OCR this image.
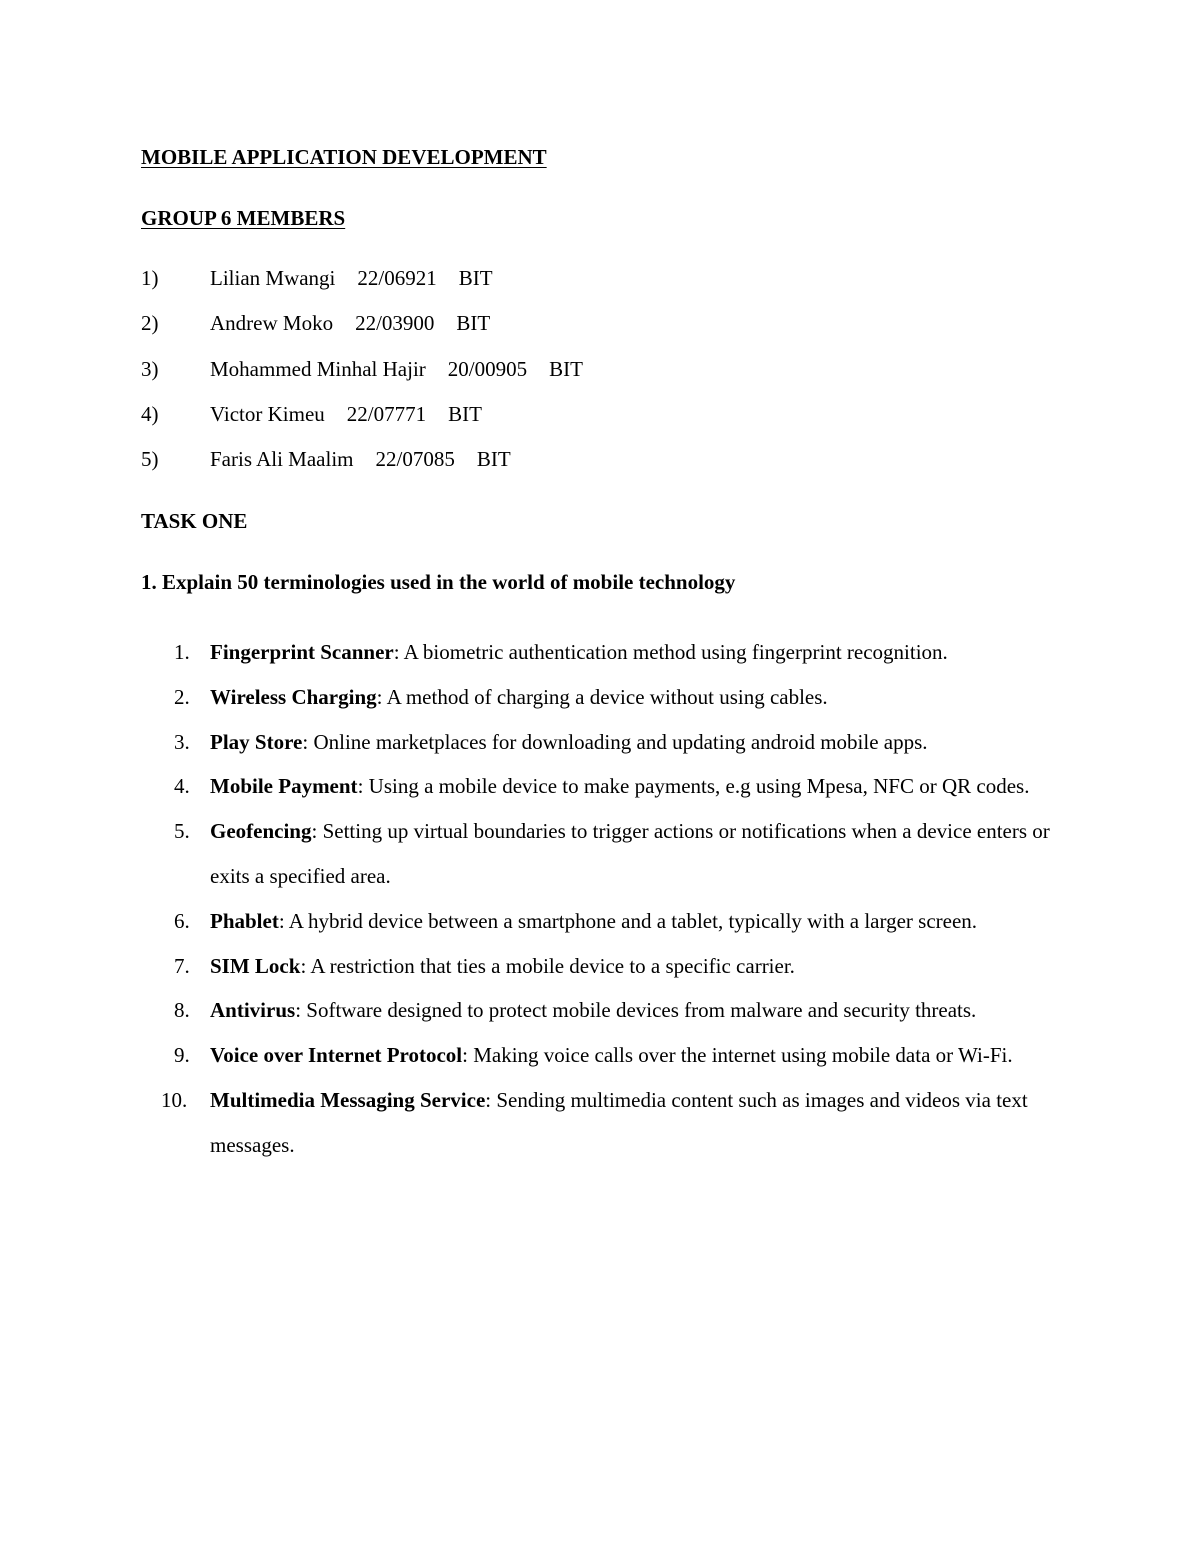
MOBILE APPLICATION DEVELOPMENT
GROUP 6 MEMBERS
1)	Lilian Mwangi 22/06921 BIT
2)	Andrew Moko 22/03900 BIT
3)	Mohammed Minhal Hajir 20/00905 BIT
4)	Victor Kimeu 22/07771 BIT
5)	Faris Ali Maalim 22/07085 BIT
TASK ONE
1. Explain 50 terminologies used in the world of mobile technology
1. Fingerprint Scanner: A biometric authentication method using fingerprint recognition.
2. Wireless Charging: A method of charging a device without using cables.
3. Play Store: Online marketplaces for downloading and updating android mobile apps.
4. Mobile Payment: Using a mobile device to make payments, e.g using Mpesa, NFC or QR codes.
5. Geofencing: Setting up virtual boundaries to trigger actions or notifications when a device enters or exits a specified area.
6. Phablet: A hybrid device between a smartphone and a tablet, typically with a larger screen.
7. SIM Lock: A restriction that ties a mobile device to a specific carrier.
8. Antivirus: Software designed to protect mobile devices from malware and security threats.
9. Voice over Internet Protocol: Making voice calls over the internet using mobile data or Wi-Fi.
10.	Multimedia Messaging Service: Sending multimedia content such as images and videos via text messages.
